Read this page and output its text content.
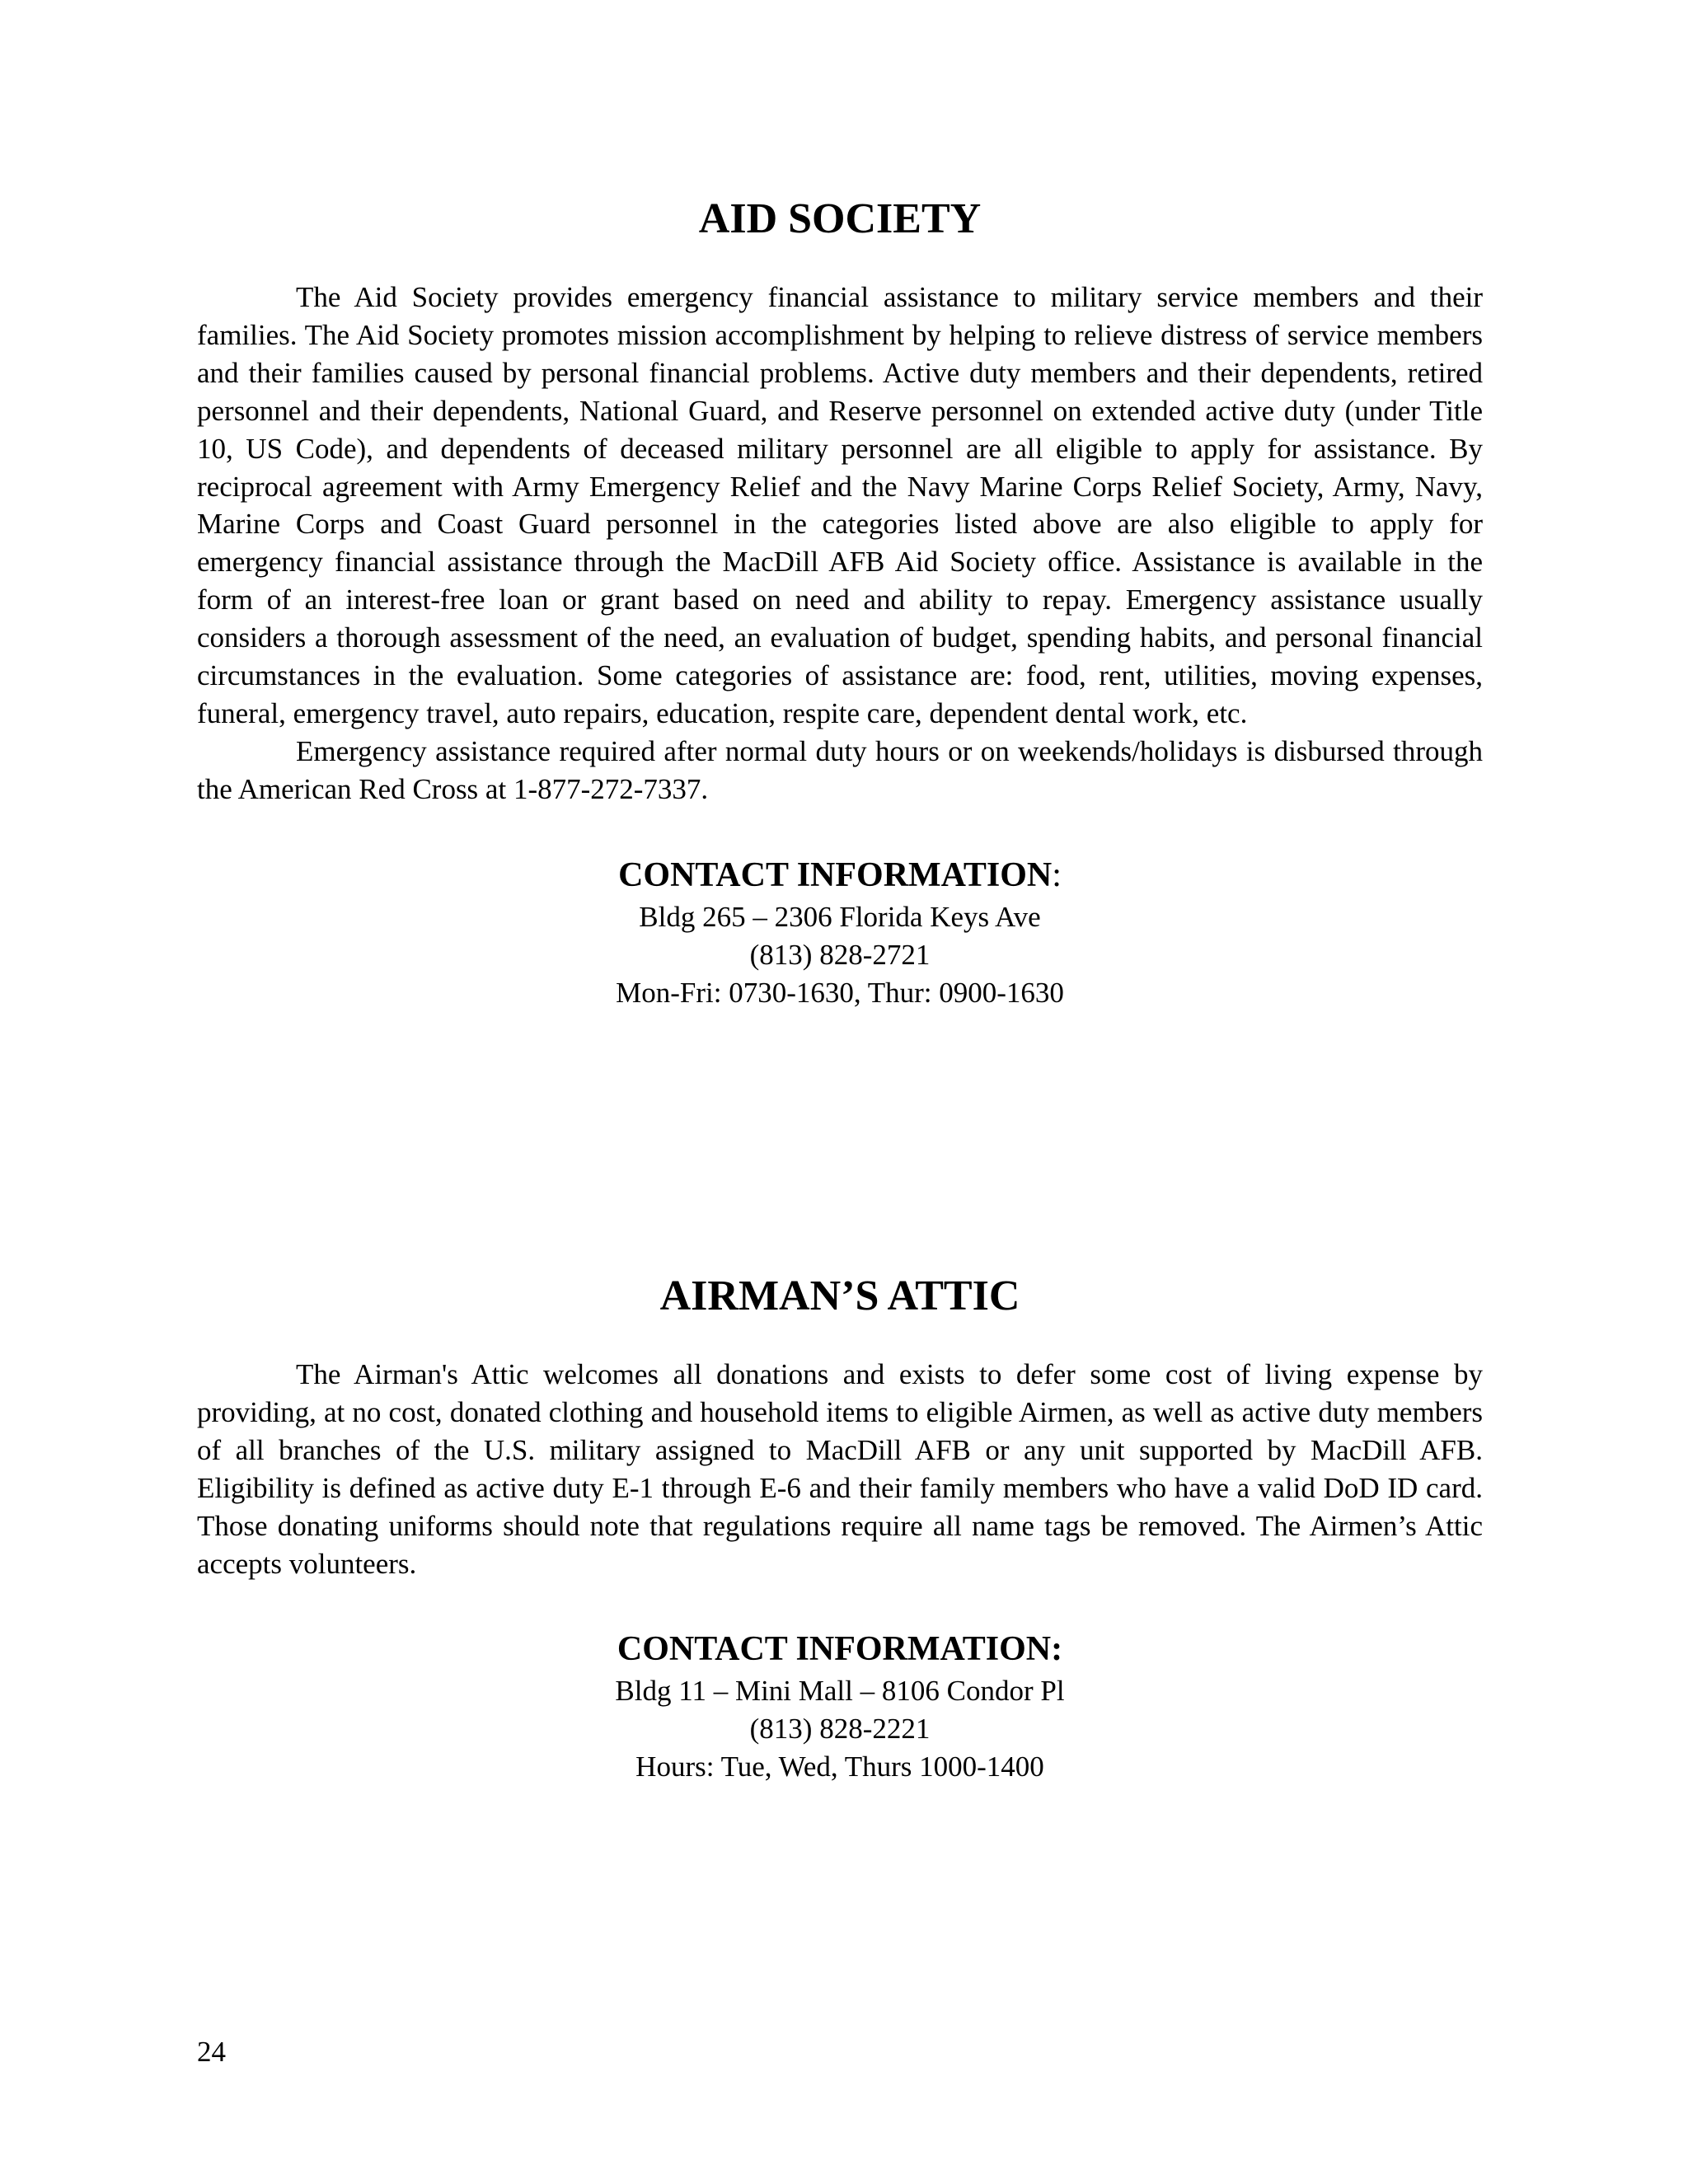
AID SOCIETY

The Aid Society provides emergency financial assistance to military service members and their families. The Aid Society promotes mission accomplishment by helping to relieve distress of service members and their families caused by personal financial problems. Active duty members and their dependents, retired personnel and their dependents, National Guard, and Reserve personnel on extended active duty (under Title 10, US Code), and dependents of deceased military personnel are all eligible to apply for assistance. By reciprocal agreement with Army Emergency Relief and the Navy Marine Corps Relief Society, Army, Navy, Marine Corps and Coast Guard personnel in the categories listed above are also eligible to apply for emergency financial assistance through the MacDill AFB Aid Society office. Assistance is available in the form of an interest-free loan or grant based on need and ability to repay. Emergency assistance usually considers a thorough assessment of the need, an evaluation of budget, spending habits, and personal financial circumstances in the evaluation. Some categories of assistance are: food, rent, utilities, moving expenses, funeral, emergency travel, auto repairs, education, respite care, dependent dental work, etc.

Emergency assistance required after normal duty hours or on weekends/holidays is disbursed through the American Red Cross at 1-877-272-7337.

CONTACT INFORMATION:
Bldg 265 – 2306 Florida Keys Ave
(813) 828-2721
Mon-Fri: 0730-1630, Thur: 0900-1630
AIRMAN’S ATTIC

The Airman's Attic welcomes all donations and exists to defer some cost of living expense by providing, at no cost, donated clothing and household items to eligible Airmen, as well as active duty members of all branches of the U.S. military assigned to MacDill AFB or any unit supported by MacDill AFB. Eligibility is defined as active duty E-1 through E-6 and their family members who have a valid DoD ID card. Those donating uniforms should note that regulations require all name tags be removed. The Airmen’s Attic accepts volunteers.

CONTACT INFORMATION:
Bldg 11 – Mini Mall – 8106 Condor Pl
(813) 828-2221
Hours: Tue, Wed, Thurs 1000-1400
24
